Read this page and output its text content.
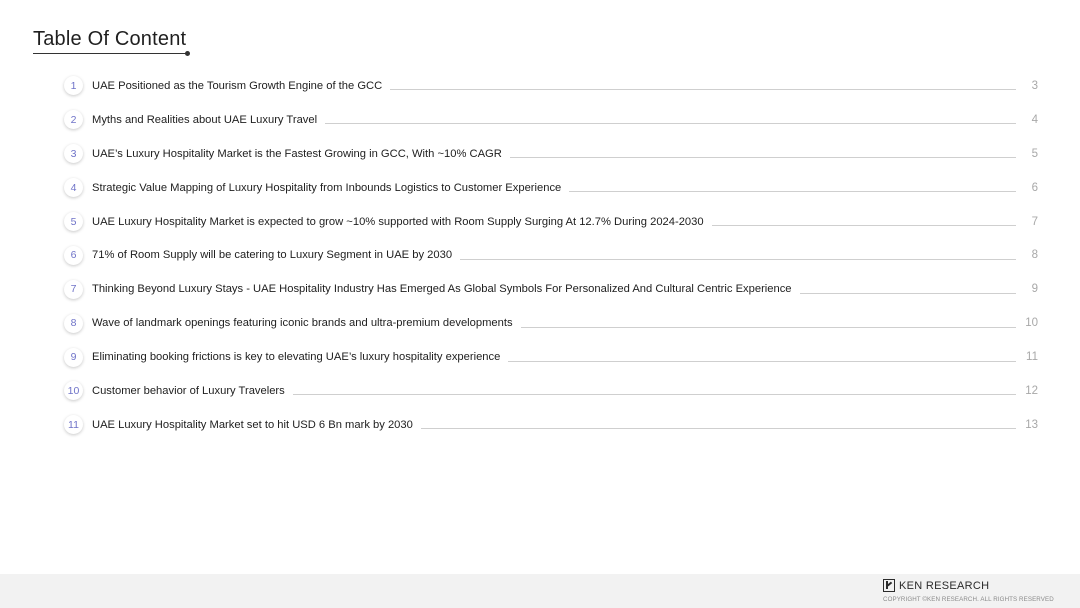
Table Of Content
1	UAE Positioned as the Tourism Growth Engine of the GCC	3
2	Myths and Realities about UAE Luxury Travel	4
3	UAE’s Luxury Hospitality Market is the Fastest Growing in GCC, With ~10% CAGR	5
4	Strategic Value Mapping of Luxury Hospitality from Inbounds Logistics to Customer Experience	6
5	UAE Luxury Hospitality Market is expected to grow ~10% supported with Room Supply Surging At 12.7% During 2024-2030	7
6	71% of Room Supply will be catering to Luxury Segment in UAE by 2030	8
7	Thinking Beyond Luxury Stays - UAE Hospitality Industry Has Emerged As Global Symbols For Personalized And Cultural Centric Experience	9
8	Wave of landmark openings featuring iconic brands and ultra-premium developments	10
9	Eliminating booking frictions is key to elevating UAE’s luxury hospitality experience	11
10	Customer behavior of Luxury Travelers	12
11	UAE Luxury Hospitality Market set to hit USD 6 Bn mark by 2030	13
KEN RESEARCH
COPYRIGHT ©KEN RESEARCH. ALL RIGHTS RESERVED
